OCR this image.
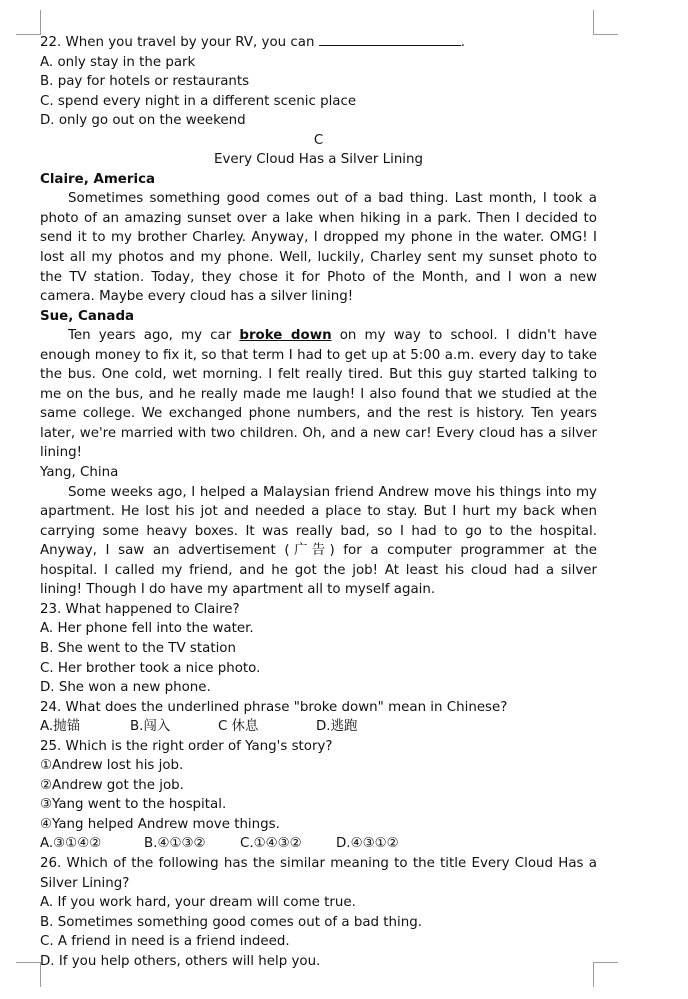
22. When you travel by your RV, you can	.
A. only stay in the park
B. pay for hotels or restaurants
C. spend every night in a different scenic place
D. only go out on the weekend
C
Every Cloud Has a Silver Lining
Claire, America
Sometimes something good comes out of a bad thing. Last month, I took a photo of an amazing sunset over a lake when hiking in a park. Then I decided to send it to my brother Charley. Anyway, I dropped my phone in the water. OMG! I lost all my photos and my phone. Well, luckily, Charley sent my sunset photo to the TV station. Today, they chose it for Photo of the Month, and I won a new camera. Maybe every cloud has a silver lining!
Sue, Canada
Ten years ago, my car broke down on my way to school. I didn't have enough money to fix it, so that term I had to get up at 5:00 a.m. every day to take the bus. One cold, wet morning. I felt really tired. But this guy started talking to me on the bus, and he really made me laugh! I also found that we studied at the same college. We exchanged phone numbers, and the rest is history. Ten years later, we're married with two children. Oh, and a new car! Every cloud has a silver lining!
Yang, China
Some weeks ago, I helped a Malaysian friend Andrew move his things into my apartment. He lost his jot and needed a place to stay. But I hurt my back when carrying some heavy boxes. It was really bad, so I had to go to the hospital. Anyway, I saw an advertisement (广告) for a computer programmer at the hospital. I called my friend, and he got the job! At least his cloud had a silver lining! Though I do have my apartment all to myself again.
23. What happened to Claire?
A. Her phone fell into the water.
B. She went to the TV station
C. Her brother took a nice photo.
D. She won a new phone.
24. What does the underlined phrase "broke down" mean in Chinese?
A.抛锚	B.闯入	C 休息	D.逃跑
25. Which is the right order of Yang's story?
①Andrew lost his job.
②Andrew got the job.
③Yang went to the hospital.
④Yang helped Andrew move things.
A.③①④②	B.④①③②	C.①④③②	D.④③①②
26. Which of the following has the similar meaning to the title Every Cloud Has a Silver Lining?
A. If you work hard, your dream will come true.
B. Sometimes something good comes out of a bad thing.
C. A friend in need is a friend indeed.
D. If you help others, others will help you.
